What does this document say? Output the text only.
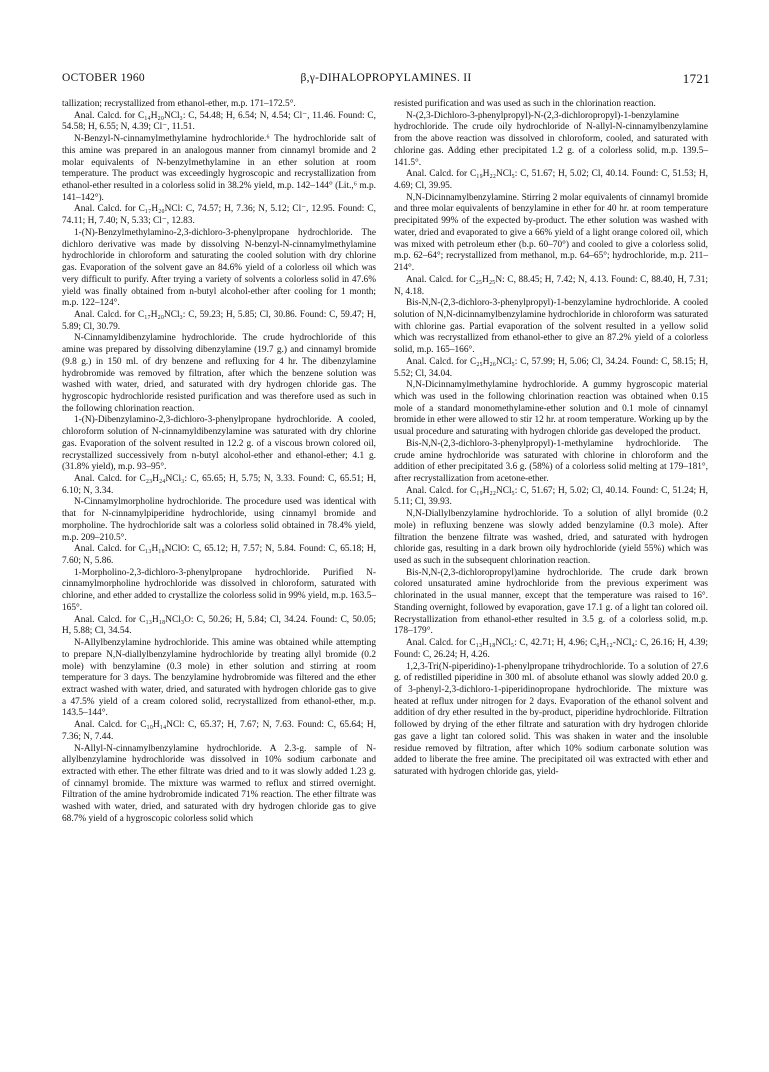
OCTOBER 1960	β,γ-DIHALOPROPYLAMINES. II	1721

tallization; recrystallized from ethanol-ether, m.p. 171–172.5°.

Anal. Calcd. for C₁₄H₂₀NCl₃: C, 54.48; H, 6.54; N, 4.54; Cl⁻, 11.46. Found: C, 54.58; H, 6.55; N, 4.39; Cl⁻, 11.51.

N-Benzyl-N-cinnamylmethylamine hydrochloride.⁶ The hydrochloride salt of this amine was prepared in an analogous manner from cinnamyl bromide and 2 molar equivalents of N-benzylmethylamine in an ether solution at room temperature. The product was exceedingly hygroscopic and recrystallization from ethanol-ether resulted in a colorless solid in 38.2% yield, m.p. 142–144° (Lit.,⁶ m.p. 141–142°).

Anal. Calcd. for C₁₇H₂₀NCl: C, 74.57; H, 7.36; N, 5.12; Cl⁻, 12.95. Found: C, 74.11; H, 7.40; N, 5.33; Cl⁻, 12.83.

1-(N)-Benzylmethylamino-2,3-dichloro-3-phenylpropane hydrochloride. The dichloro derivative was made by dissolving N-benzyl-N-cinnamylmethylamine hydrochloride in chloroform and saturating the cooled solution with dry chlorine gas. Evaporation of the solvent gave an 84.6% yield of a colorless oil which was very difficult to purify. After trying a variety of solvents a colorless solid in 47.6% yield was finally obtained from n-butyl alcohol-ether after cooling for 1 month; m.p. 122–124°.

Anal. Calcd. for C₁₇H₂₀NCl₃: C, 59.23; H, 5.85; Cl, 30.86. Found: C, 59.47; H, 5.89; Cl, 30.79.

N-Cinnamyldibenzylamine hydrochloride. The crude hydrochloride of this amine was prepared by dissolving dibenzylamine (19.7 g.) and cinnamyl bromide (9.8 g.) in 150 ml. of dry benzene and refluxing for 4 hr. The dibenzylamine hydrobromide was removed by filtration, after which the benzene solution was washed with water, dried, and saturated with dry hydrogen chloride gas. The hygroscopic hydrochloride resisted purification and was therefore used as such in the following chlorination reaction.

1-(N)-Dibenzylamino-2,3-dichloro-3-phenylpropane hydrochloride. A cooled, chloroform solution of N-cinnamyldibenzylamine was saturated with dry chlorine gas. Evaporation of the solvent resulted in 12.2 g. of a viscous brown colored oil, recrystallized successively from n-butyl alcohol-ether and ethanol-ether; 4.1 g. (31.8% yield), m.p. 93–95°.

Anal. Calcd. for C₂₃H₂₄NCl₃: C, 65.65; H, 5.75; N, 3.33. Found: C, 65.51; H, 6.10; N, 3.34.

N-Cinnamylmorpholine hydrochloride. The procedure used was identical with that for N-cinnamylpiperidine hydrochloride, using cinnamyl bromide and morpholine. The hydrochloride salt was a colorless solid obtained in 78.4% yield, m.p. 209–210.5°.

Anal. Calcd. for C₁₃H₁₈NClO: C, 65.12; H, 7.57; N, 5.84. Found: C, 65.18; H, 7.60; N, 5.86.

1-Morpholino-2,3-dichloro-3-phenylpropane hydrochloride. Purified N-cinnamylmorpholine hydrochloride was dissolved in chloroform, saturated with chlorine, and ether added to crystallize the colorless solid in 99% yield, m.p. 163.5–165°.

Anal. Calcd. for C₁₃H₁₈NCl₃O: C, 50.26; H, 5.84; Cl, 34.24. Found: C, 50.05; H, 5.88; Cl, 34.54.

N-Allylbenzylamine hydrochloride. This amine was obtained while attempting to prepare N,N-diallylbenzylamine hydrochloride by treating allyl bromide (0.2 mole) with benzylamine (0.3 mole) in ether solution and stirring at room temperature for 3 days. The benzylamine hydrobromide was filtered and the ether extract washed with water, dried, and saturated with hydrogen chloride gas to give a 47.5% yield of a cream colored solid, recrystallized from ethanol-ether, m.p. 143.5–144°.

Anal. Calcd. for C₁₀H₁₄NCl: C, 65.37; H, 7.67; N, 7.63. Found: C, 65.64; H, 7.36; N, 7.44.

N-Allyl-N-cinnamylbenzylamine hydrochloride. A 2.3-g. sample of N-allylbenzylamine hydrochloride was dissolved in 10% sodium carbonate and extracted with ether. The ether filtrate was dried and to it was slowly added 1.23 g. of cinnamyl bromide. The mixture was warmed to reflux and stirred overnight. Filtration of the amine hydrobromide indicated 71% reaction. The ether filtrate was washed with water, dried, and saturated with dry hydrogen chloride gas to give 68.7% yield of a hygroscopic colorless solid which

resisted purification and was used as such in the chlorination reaction.

N-(2,3-Dichloro-3-phenylpropyl)-N-(2,3-dichloropropyl)-1-benzylamine hydrochloride. The crude oily hydrochloride of N-allyl-N-cinnamylbenzylamine from the above reaction was dissolved in chloroform, cooled, and saturated with chlorine gas. Adding ether precipitated 1.2 g. of a colorless solid, m.p. 139.5–141.5°.

Anal. Calcd. for C₁₉H₂₂NCl₅: C, 51.67; H, 5.02; Cl, 40.14. Found: C, 51.53; H, 4.69; Cl, 39.95.

N,N-Dicinnamylbenzylamine. Stirring 2 molar equivalents of cinnamyl bromide and three molar equivalents of benzylamine in ether for 40 hr. at room temperature precipitated 99% of the expected by-product. The ether solution was washed with water, dried and evaporated to give a 66% yield of a light orange colored oil, which was mixed with petroleum ether (b.p. 60–70°) and cooled to give a colorless solid, m.p. 62–64°; recrystallized from methanol, m.p. 64–65°; hydrochloride, m.p. 211–214°.

Anal. Calcd. for C₂₅H₂₅N: C, 88.45; H, 7.42; N, 4.13. Found: C, 88.40, H, 7.31; N, 4.18.

Bis-N,N-(2,3-dichloro-3-phenylpropyl)-1-benzylamine hydrochloride. A cooled solution of N,N-dicinnamylbenzylamine hydrochloride in chloroform was saturated with chlorine gas. Partial evaporation of the solvent resulted in a yellow solid which was recrystallized from ethanol-ether to give an 87.2% yield of a colorless solid, m.p. 165–166°.

Anal. Calcd. for C₂₅H₂₆NCl₅: C, 57.99; H, 5.06; Cl, 34.24. Found: C, 58.15; H, 5.52; Cl, 34.04.

N,N-Dicinnamylmethylamine hydrochloride. A gummy hygroscopic material which was used in the following chlorination reaction was obtained when 0.15 mole of a standard monomethylamine-ether solution and 0.1 mole of cinnamyl bromide in ether were allowed to stir 12 hr. at room temperature. Working up by the usual procedure and saturating with hydrogen chloride gas developed the product.

Bis-N,N-(2,3-dichloro-3-phenylpropyl)-1-methylamine hydrochloride. The crude amine hydrochloride was saturated with chlorine in chloroform and the addition of ether precipitated 3.6 g. (58%) of a colorless solid melting at 179–181°, after recrystallization from acetone-ether.

Anal. Calcd. for C₁₉H₂₂NCl₅: C, 51.67; H, 5.02; Cl, 40.14. Found: C, 51.24; H, 5.11; Cl, 39.93.

N,N-Diallylbenzylamine hydrochloride. To a solution of allyl bromide (0.2 mole) in refluxing benzene was slowly added benzylamine (0.3 mole). After filtration the benzene filtrate was washed, dried, and saturated with hydrogen chloride gas, resulting in a dark brown oily hydrochloride (yield 55%) which was used as such in the subsequent chlorination reaction.

Bis-N,N-(2,3-dichloropropyl)amine hydrochloride. The crude dark brown colored unsaturated amine hydrochloride from the previous experiment was chlorinated in the usual manner, except that the temperature was raised to 16°. Standing overnight, followed by evaporation, gave 17.1 g. of a light tan colored oil. Recrystallization from ethanol-ether resulted in 3.5 g. of a colorless solid, m.p. 178–179°.

Anal. Calcd. for C₁₃H₁₈NCl₅: C, 42.71; H, 4.96; C₆H₁₂-NCl₄: C, 26.16; H, 4.39; Found: C, 26.24; H, 4.26.

1,2,3-Tri(N-piperidino)-1-phenylpropane trihydrochloride. To a solution of 27.6 g. of redistilled piperidine in 300 ml. of absolute ethanol was slowly added 20.0 g. of 3-phenyl-2,3-dichloro-1-piperidinopropane hydrochloride. The mixture was heated at reflux under nitrogen for 2 days. Evaporation of the ethanol solvent and addition of dry ether resulted in the by-product, piperidine hydrochloride. Filtration followed by drying of the ether filtrate and saturation with dry hydrogen chloride gas gave a light tan colored solid. This was shaken in water and the insoluble residue removed by filtration, after which 10% sodium carbonate solution was added to liberate the free amine. The precipitated oil was extracted with ether and saturated with hydrogen chloride gas, yield-
